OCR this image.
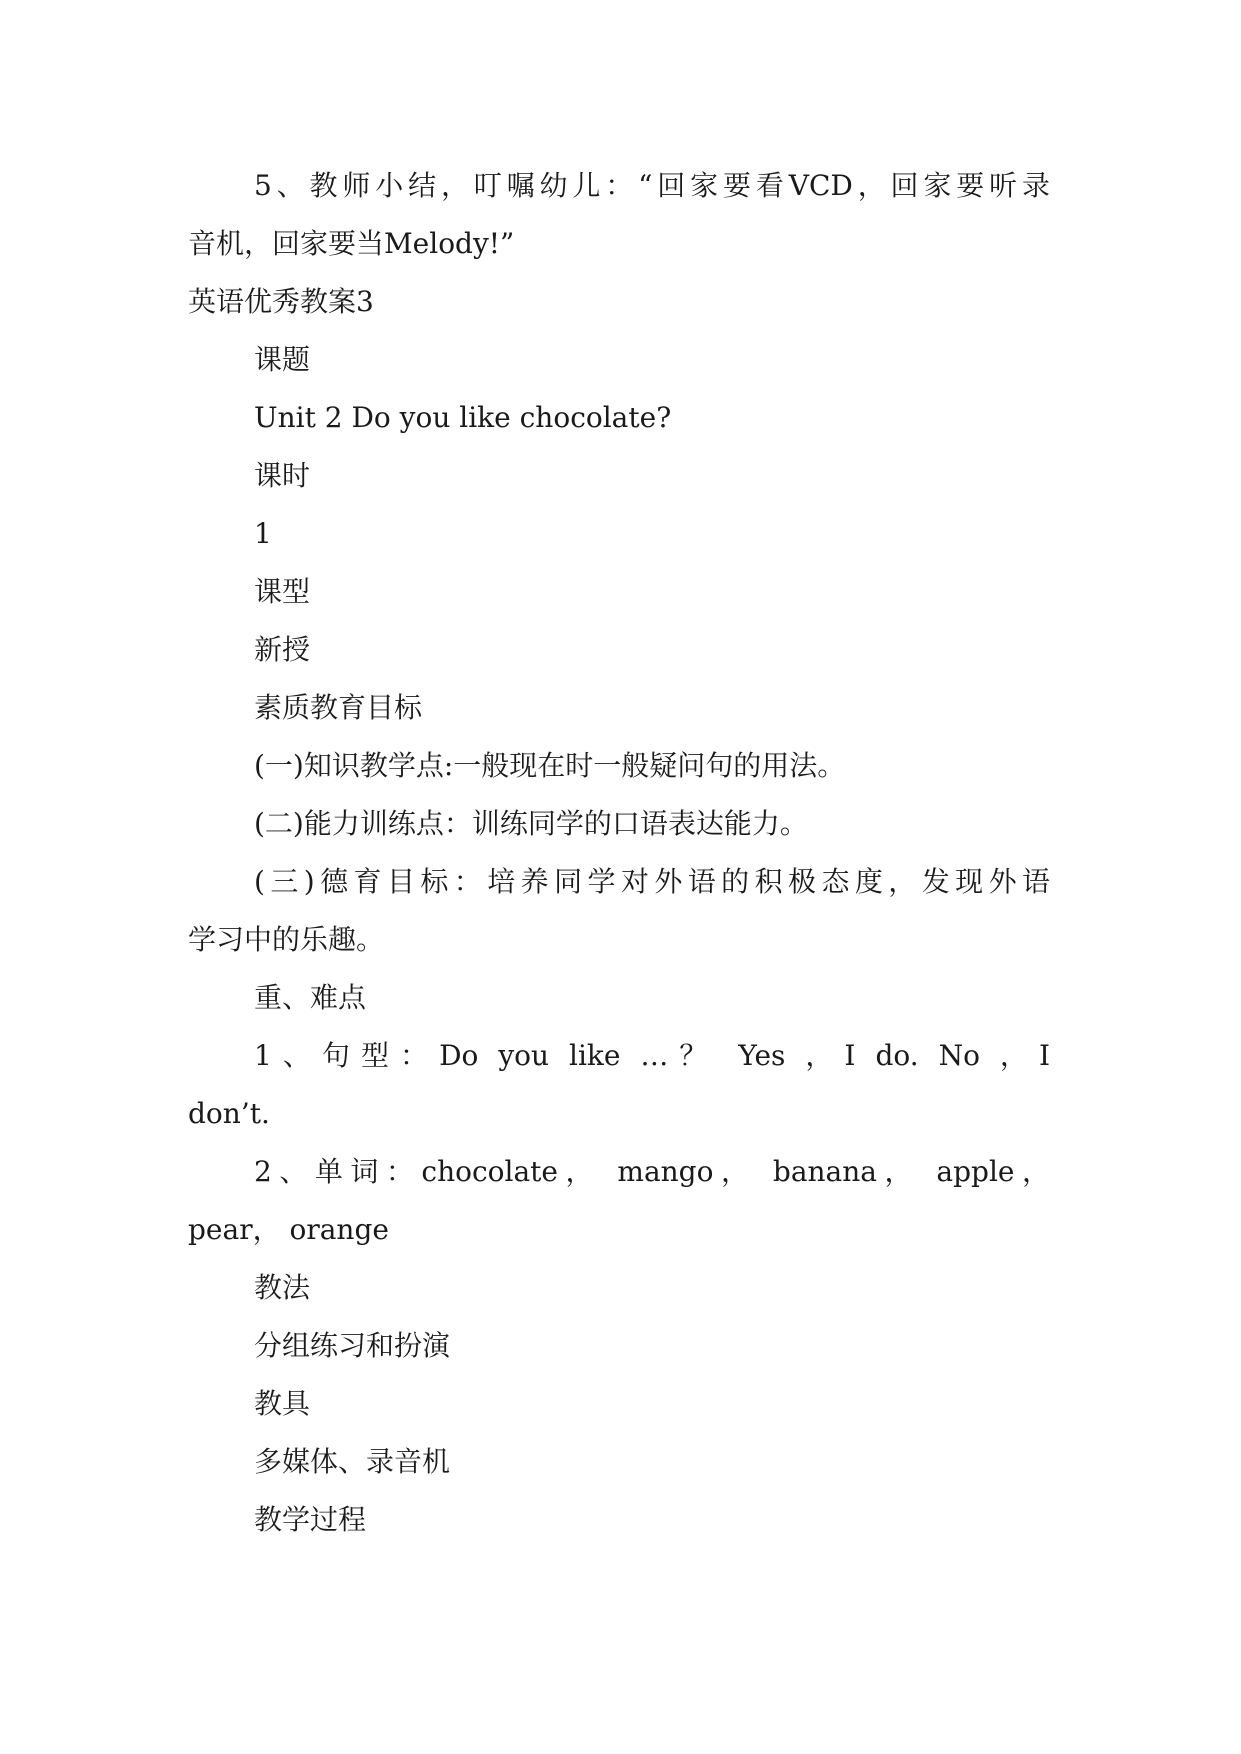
5、教师小结，叮嘱幼儿：“回家要看VCD，回家要听录
音机，回家要当Melody!”
英语优秀教案3
课题
Unit 2 Do you like chocolate?
课时
1
课型
新授
素质教育目标
(一)知识教学点:一般现在时一般疑问句的用法。
(二)能力训练点：训练同学的口语表达能力。
(三)德育目标：培养同学对外语的积极态度，发现外语
学习中的乐趣。
重、难点
1、句型：Do you like …？ Yes ，I do. No ，I
don’t.
2、单词：chocolate， mango， banana， apple，
pear， orange
教法
分组练习和扮演
教具
多媒体、录音机
教学过程
